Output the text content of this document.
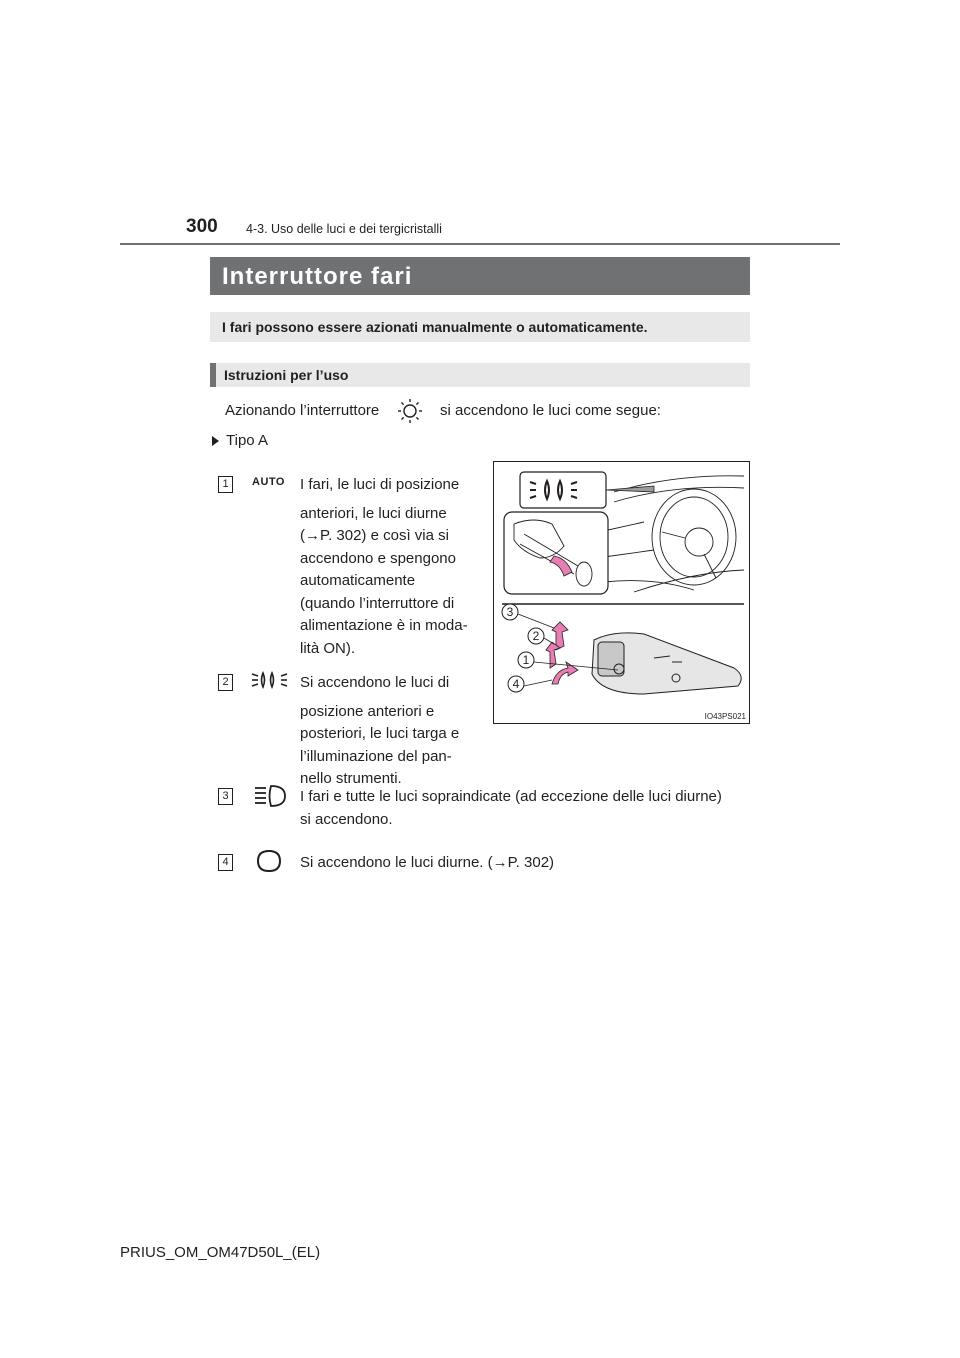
300 4-3. Uso delle luci e dei tergicristalli
Interruttore fari
I fari possono essere azionati manualmente o automaticamente.
Istruzioni per l’uso
Azionando l’interruttore	si accendono le luci come segue:
Tipo A
1	AUTO I fari, le luci di posizione
anteriori, le luci diurne
(→P. 302) e così via si
accendono e spengono
automaticamente
(quando l’interruttore di
alimentazione è in moda-
lità ON).
2	Si accendono le luci di
posizione anteriori e
posteriori, le luci targa e
l’illuminazione del pan-
nello strumenti.
3
2
1
4
IO43PS021
3	I fari e tutte le luci sopraindicate (ad eccezione delle luci diurne)
si accendono.
4	Si accendono le luci diurne. (→P. 302)
PRIUS_OM_OM47D50L_(EL)
